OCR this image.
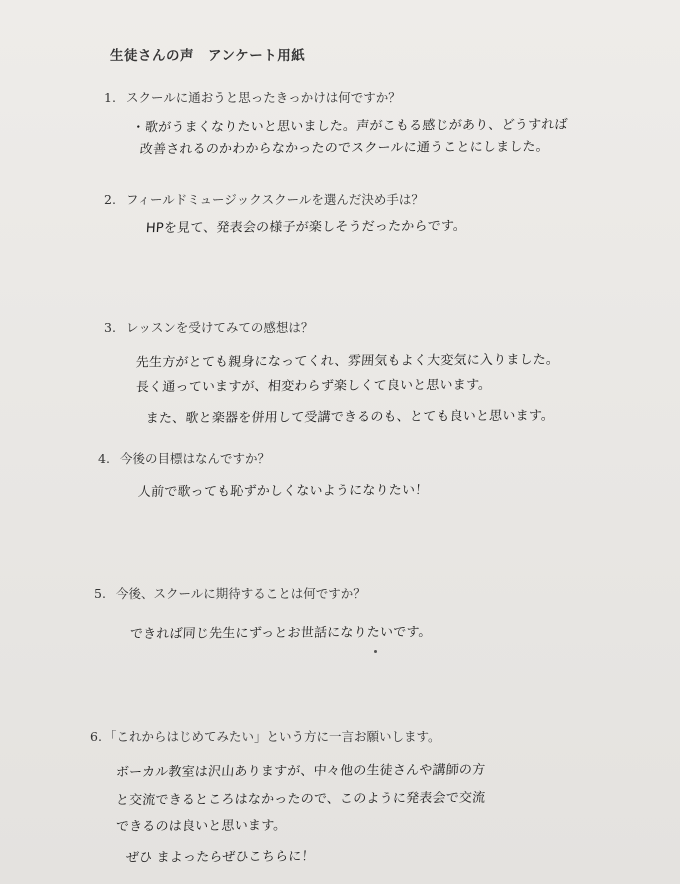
生徒さんの声　アンケート用紙
1. スクールに通おうと思ったきっかけは何ですか？
・歌がうまくなりたいと思いました。声がこもる感じがあり、どうすれば
改善されるのかわからなかったのでスクールに通うことにしました。
2. フィールドミュージックスクールを選んだ決め手は？
HPを見て、発表会の様子が楽しそうだったからです。
3. レッスンを受けてみての感想は？
先生方がとても親身になってくれ、雰囲気もよく大変気に入りました。
長く通っていますが、相変わらず楽しくて良いと思います。
また、歌と楽器を併用して受講できるのも、とても良いと思います。
4. 今後の目標はなんですか？
人前で歌っても恥ずかしくないようになりたい！
5. 今後、スクールに期待することは何ですか？
できれば同じ先生にずっとお世話になりたいです。
6. 「これからはじめてみたい」という方に一言お願いします。
ボーカル教室は沢山ありますが、中々他の生徒さんや講師の方
と交流できるところはなかったので、このように発表会で交流
できるのは良いと思います。
ぜひ まよったらぜひこちらに！
